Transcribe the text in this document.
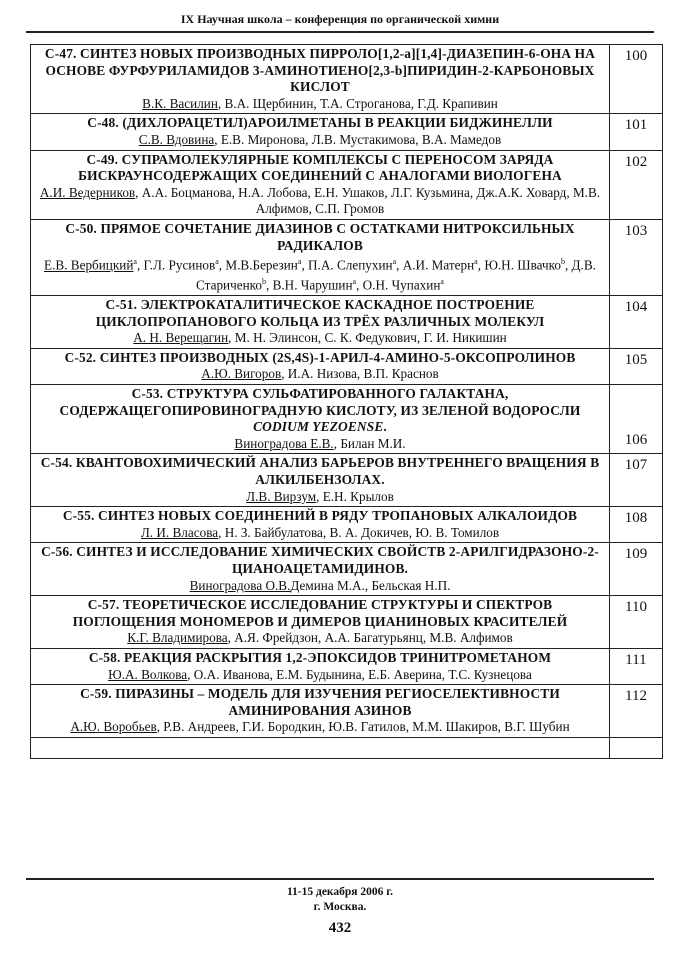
IX Научная школа – конференция по органической химии
С-47. СИНТЕЗ НОВЫХ ПРОИЗВОДНЫХ ПИРРОЛО[1,2-a][1,4]-ДИАЗЕПИН-6-ОНА НА ОСНОВЕ ФУРФУРИЛАМИДОВ 3-АМИНОТИЕНО[2,3-b]ПИРИДИН-2-КАРБОНОВЫХ КИСЛОТ
В.К. Василин, В.А. Щербинин, Т.А. Строганова, Г.Д. Крапивин	100

С-48. (ДИХЛОРАЦЕТИЛ)АРОИЛМЕТАНЫ В РЕАКЦИИ БИДЖИНЕЛЛИ
С.В. Вдовина, Е.В. Миронова, Л.В. Мустакимова, В.А. Мамедов	101

С-49. СУПРАМОЛЕКУЛЯРНЫЕ КОМПЛЕКСЫ С ПЕРЕНОСОМ ЗАРЯДА БИСКРАУНСОДЕРЖАЩИХ СОЕДИНЕНИЙ С АНАЛОГАМИ ВИОЛОГЕНА
А.И. Ведерников, А.А. Боцманова, Н.А. Лобова, Е.Н. Ушаков, Л.Г. Кузьмина, Дж.А.К. Ховард, М.В. Алфимов, С.П. Громов	102

С-50. ПРЯМОЕ СОЧЕТАНИЕ ДИАЗИНОВ С ОСТАТКАМИ НИТРОКСИЛЬНЫХ РАДИКАЛОВ
Е.В. Вербицкий$^a$, Г.Л. Русинов$^a$, М.В.Березин$^a$, П.А. Слепухин$^a$, А.И. Матерн$^a$, Ю.Н. Швачко$^b$, Д.В. Стариченко$^b$, В.Н. Чарушин$^a$, О.Н. Чупахин$^a$	103

С-51. ЭЛЕКТРОКАТАЛИТИЧЕСКОЕ КАСКАДНОЕ ПОСТРОЕНИЕ ЦИКЛОПРОПАНОВОГО КОЛЬЦА ИЗ ТРЁХ РАЗЛИЧНЫХ МОЛЕКУЛ
А. Н. Верещагин, М. Н. Элинсон, С. К. Федукович, Г. И. Никишин	104

С-52. СИНТЕЗ ПРОИЗВОДНЫХ (2S,4S)-1-АРИЛ-4-АМИНО-5-ОКСОПРОЛИНОВ
А.Ю. Вигоров, И.А. Низова, В.П. Краснов	105

С-53. СТРУКТУРА СУЛЬФАТИРОВАННОГО ГАЛАКТАНА, СОДЕРЖАЩЕГОПИРОВИНОГРАДНУЮ КИСЛОТУ, ИЗ ЗЕЛЕНОЙ ВОДОРОСЛИ CODIUM YEZOENSE.
Виноградова Е.В., Билан М.И.	106

С-54. КВАНТОВОХИМИЧЕСКИЙ АНАЛИЗ БАРЬЕРОВ ВНУТРЕННЕГО ВРАЩЕНИЯ В АЛКИЛБЕНЗОЛАХ.
Л.В. Вирзум, Е.Н. Крылов	107

С-55. СИНТЕЗ НОВЫХ СОЕДИНЕНИЙ В РЯДУ ТРОПАНОВЫХ АЛКАЛОИДОВ
Л. И. Власова, Н. З. Байбулатова, В. А. Докичев, Ю. В. Томилов	108

С-56. СИНТЕЗ И ИССЛЕДОВАНИЕ ХИМИЧЕСКИХ СВОЙСТВ 2-АРИЛГИДРАЗОНО-2-ЦИАНОАЦЕТАМИДИНОВ.
Виноградова О.В.Демина М.А., Бельская Н.П.	109

С-57. ТЕОРЕТИЧЕСКОЕ ИССЛЕДОВАНИЕ СТРУКТУРЫ И СПЕКТРОВ ПОГЛОЩЕНИЯ МОНОМЕРОВ И ДИМЕРОВ ЦИАНИНОВЫХ КРАСИТЕЛЕЙ
К.Г. Владимирова, А.Я. Фрейдзон, А.А. Багатурьянц, М.В. Алфимов	110

С-58. РЕАКЦИЯ РАСКРЫТИЯ 1,2-ЭПОКСИДОВ ТРИНИТРОМЕТАНОМ
Ю.А. Волкова, О.А. Иванова, Е.М. Будынина, Е.Б. Аверина, Т.С. Кузнецова	111

С-59. ПИРАЗИНЫ – МОДЕЛЬ ДЛЯ ИЗУЧЕНИЯ РЕГИОСЕЛЕКТИВНОСТИ АМИНИРОВАНИЯ АЗИНОВ
А.Ю. Воробьев, Р.В. Андреев, Г.И. Бородкин, Ю.В. Гатилов, М.М. Шакиров, В.Г. Шубин	112

11-15 декабря 2006 г.
г. Москва.
432
